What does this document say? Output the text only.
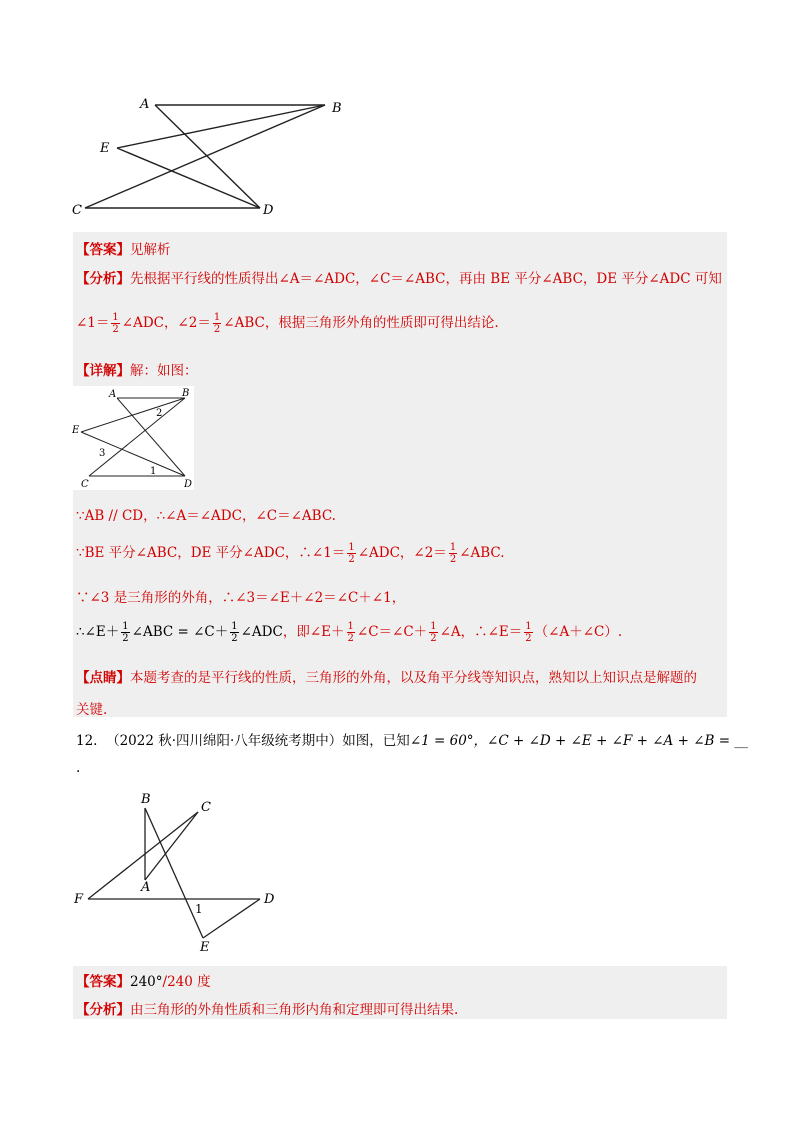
A	B
E
C	D
【答案】见解析
【分析】先根据平行线的性质得出∠A＝∠ADC，∠C＝∠ABC，再由 BE 平分∠ABC，DE 平分∠ADC 可知
∠1＝ $\frac{1}{2}$ ∠ADC，∠2＝ $\frac{1}{2}$ ∠ABC，根据三角形外角的性质即可得出结论.
【详解】解：如图：
A	B
E
C	D
1
2
3
∵AB // CD，∴∠A＝∠ADC，∠C＝∠ABC.
∵BE 平分∠ABC，DE 平分∠ADC，∴∠1＝ $\frac{1}{2}$ ∠ADC，∠2＝ $\frac{1}{2}$ ∠ABC.
∵∠3 是三角形的外角，∴∠3＝∠E＋∠2＝∠C＋∠1，
∴∠E＋ $\frac{1}{2}$ ∠ABC = ∠C＋ $\frac{1}{2}$ ∠ADC，即∠E＋ $\frac{1}{2}$ ∠C＝∠C＋ $\frac{1}{2}$ ∠A，∴∠E＝ $\frac{1}{2}$ （∠A＋∠C）.
【点睛】本题考查的是平行线的性质，三角形的外角，以及角平分线等知识点，熟知以上知识点是解题的
关键.
12. （2022 秋·四川绵阳·八年级统考期中）如图，已知∠1 = 60°，∠C + ∠D + ∠E + ∠F + ∠A + ∠B = __
.
B
C
A
F	D
E
1
【答案】240°/240 度
【分析】由三角形的外角性质和三角形内角和定理即可得出结果.
